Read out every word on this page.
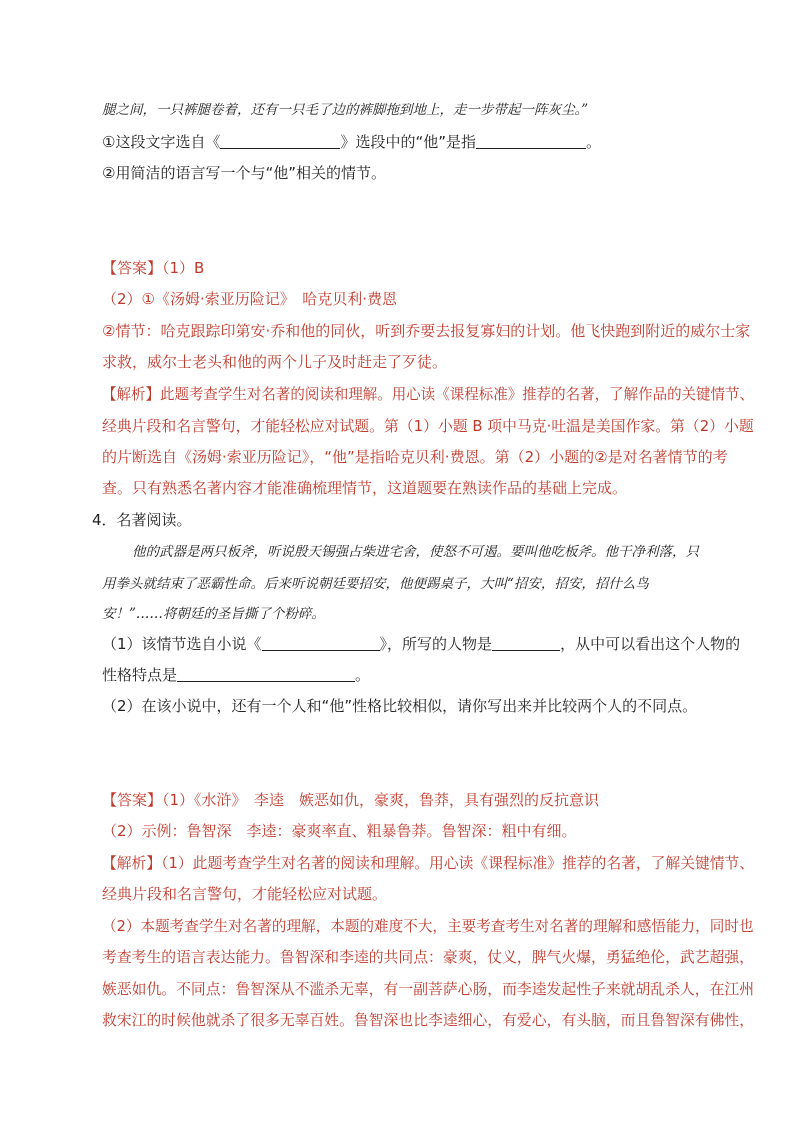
腿之间，一只裤腿卷着，还有一只毛了边的裤脚拖到地上，走一步带起一阵灰尘。”
①这段文字选自《	》选段中的“他”是指	。
②用简洁的语言写一个与“他”相关的情节。
【答案】（1）B
（2）①《汤姆·索亚历险记》　哈克贝利·费恩
②情节：哈克跟踪印第安·乔和他的同伙，听到乔要去报复寡妇的计划。他飞快跑到附近的威尔士家
求救，威尔士老头和他的两个儿子及时赶走了歹徒。
【解析】此题考查学生对名著的阅读和理解。用心读《课程标准》推荐的名著，了解作品的关键情节、
经典片段和名言警句，才能轻松应对试题。第（1）小题 B 项中马克·吐温是美国作家。第（2）小题
的片断选自《汤姆·索亚历险记》，“他”是指哈克贝利·费恩。第（2）小题的②是对名著情节的考
查。只有熟悉名著内容才能准确梳理情节，这道题要在熟读作品的基础上完成。
4．名著阅读。
他的武器是两只板斧，听说殷天锡强占柴进宅舍，使怒不可遏。要叫他吃板斧。他干净利落，只
用拳头就结束了恶霸性命。后来听说朝廷要招安，他便踢桌子，大叫“招安，招安，招什么鸟
安！”……将朝廷的圣旨撕了个粉碎。
（1）该情节选自小说《	》，所写的人物是	，从中可以看出这个人物的
性格特点是	。
（2）在该小说中，还有一个人和“他”性格比较相似，请你写出来并比较两个人的不同点。
【答案】（1）《水浒》　李逵　嫉恶如仇，豪爽，鲁莽，具有强烈的反抗意识
（2）示例：鲁智深　李逵：豪爽率直、粗暴鲁莽。鲁智深：粗中有细。
【解析】（1）此题考查学生对名著的阅读和理解。用心读《课程标准》推荐的名著，了解关键情节、
经典片段和名言警句，才能轻松应对试题。
（2）本题考查学生对名著的理解，本题的难度不大，主要考查考生对名著的理解和感悟能力，同时也
考查考生的语言表达能力。鲁智深和李逵的共同点：豪爽，仗义，脾气火爆，勇猛绝伦，武艺超强，
嫉恶如仇。不同点：鲁智深从不滥杀无辜，有一副菩萨心肠，而李逵发起性子来就胡乱杀人，在江州
救宋江的时候他就杀了很多无辜百姓。鲁智深也比李逵细心，有爱心，有头脑，而且鲁智深有佛性，
